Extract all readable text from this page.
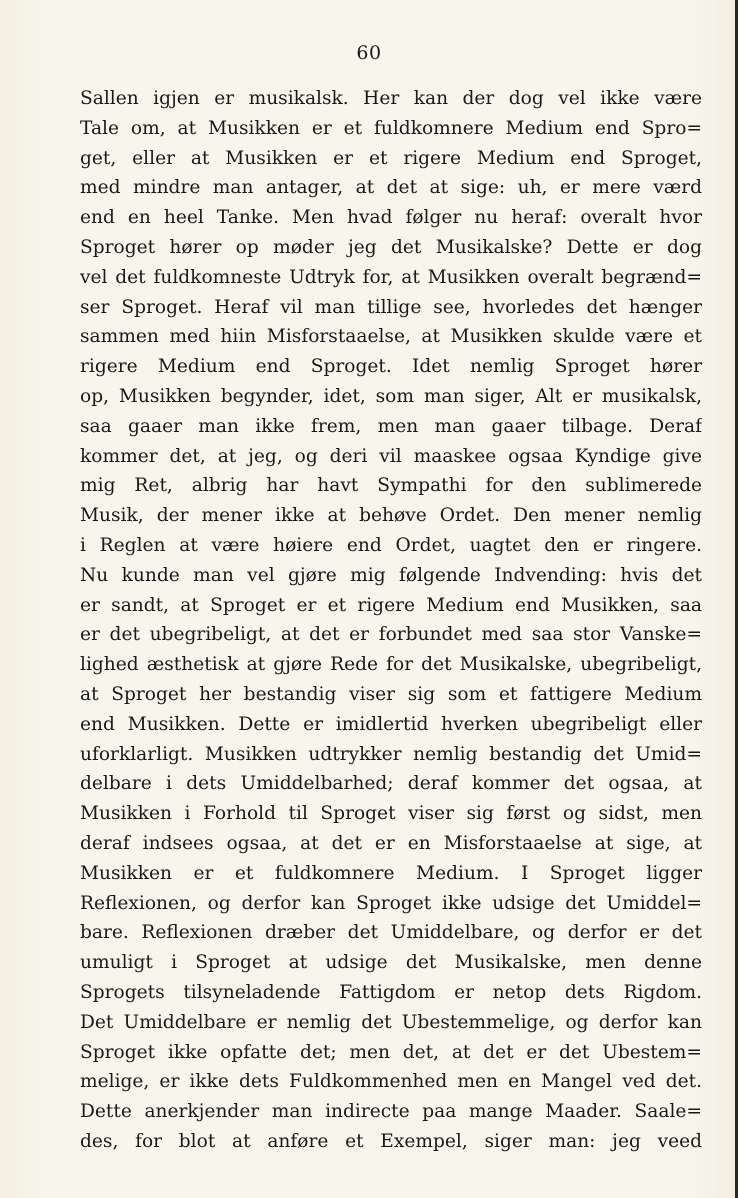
60
Sallen igjen er musikalsk. Her kan der dog vel ikke være
Tale om, at Musikken er et fuldkomnere Medium end Spro=
get, eller at Musikken er et rigere Medium end Sproget,
med mindre man antager, at det at sige: uh, er mere værd
end en heel Tanke. Men hvad følger nu heraf: overalt hvor
Sproget hører op møder jeg det Musikalske? Dette er dog
vel det fuldkomneste Udtryk for, at Musikken overalt begrænd=
ser Sproget. Heraf vil man tillige see, hvorledes det hænger
sammen med hiin Misforstaaelse, at Musikken skulde være et
rigere Medium end Sproget. Idet nemlig Sproget hører
op, Musikken begynder, idet, som man siger, Alt er musikalsk,
saa gaaer man ikke frem, men man gaaer tilbage. Deraf
kommer det, at jeg, og deri vil maaskee ogsaa Kyndige give
mig Ret, albrig har havt Sympathi for den sublimerede
Musik, der mener ikke at behøve Ordet. Den mener nemlig
i Reglen at være høiere end Ordet, uagtet den er ringere.
Nu kunde man vel gjøre mig følgende Indvending: hvis det
er sandt, at Sproget er et rigere Medium end Musikken, saa
er det ubegribeligt, at det er forbundet med saa stor Vanske=
lighed æsthetisk at gjøre Rede for det Musikalske, ubegribeligt,
at Sproget her bestandig viser sig som et fattigere Medium
end Musikken. Dette er imidlertid hverken ubegribeligt eller
uforklarligt. Musikken udtrykker nemlig bestandig det Umid=
delbare i dets Umiddelbarhed; deraf kommer det ogsaa, at
Musikken i Forhold til Sproget viser sig først og sidst, men
deraf indsees ogsaa, at det er en Misforstaaelse at sige, at
Musikken er et fuldkomnere Medium. I Sproget ligger
Reflexionen, og derfor kan Sproget ikke udsige det Umiddel=
bare. Reflexionen dræber det Umiddelbare, og derfor er det
umuligt i Sproget at udsige det Musikalske, men denne
Sprogets tilsyneladende Fattigdom er netop dets Rigdom.
Det Umiddelbare er nemlig det Ubestemmelige, og derfor kan
Sproget ikke opfatte det; men det, at det er det Ubestem=
melige, er ikke dets Fuldkommenhed men en Mangel ved det.
Dette anerkjender man indirecte paa mange Maader. Saale=
des, for blot at anføre et Exempel, siger man: jeg veed
